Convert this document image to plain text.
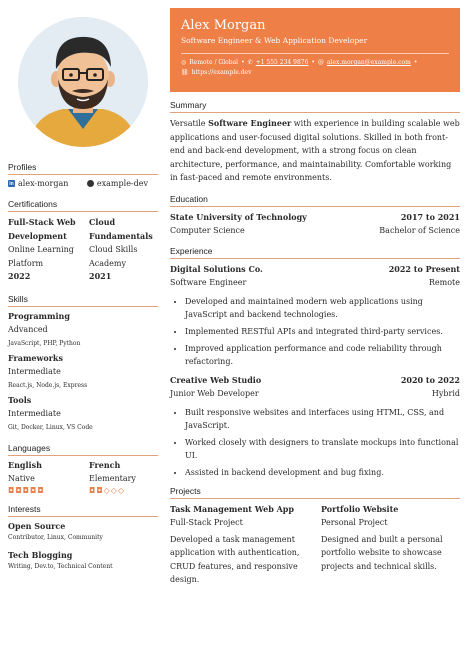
Profiles
in alex-morgan	example-dev
Certifications
Full-Stack Web Development
Online Learning Platform
2022
Cloud Fundamentals
Cloud Skills Academy
2021
Skills
Programming
Advanced
JavaScript, PHP, Python
Frameworks
Intermediate
React.js, Node.js, Express
Tools
Intermediate
Git, Docker, Linux, VS Code
Languages
English
Native
◘◘◘◘◘
French
Elementary
◘◘◇◇◇
Interests
Open Source
Contributor, Linux, Community
Tech Blogging
Writing, Dev.to, Technical Content
Alex Morgan
Software Engineer & Web Application Developer
◎ Remote / Global • ✆ +1 555 234 9876 • @ alex.morgan@example.com •
⛓ https://example.dev
Summary

Versatile Software Engineer with experience in building scalable web applications and user-focused digital solutions. Skilled in both front-end and back-end development, with a strong focus on clean architecture, performance, and maintainability. Comfortable working in fast-paced and remote environments.

Education
State University of Technology	2017 to 2021
Computer Science	Bachelor of Science
Experience
Digital Solutions Co.	2022 to Present
Software Engineer	Remote
• Developed and maintained modern web applications using JavaScript and backend technologies.
• Implemented RESTful APIs and integrated third-party services.
• Improved application performance and code reliability through refactoring.
Creative Web Studio	2020 to 2022
Junior Web Developer	Hybrid
• Built responsive websites and interfaces using HTML, CSS, and JavaScript.
• Worked closely with designers to translate mockups into functional UI.
• Assisted in backend development and bug fixing.
Projects
Task Management Web App
Full-Stack Project
Developed a task management application with authentication, CRUD features, and responsive design.
Portfolio Website
Personal Project
Designed and built a personal portfolio website to showcase projects and technical skills.
